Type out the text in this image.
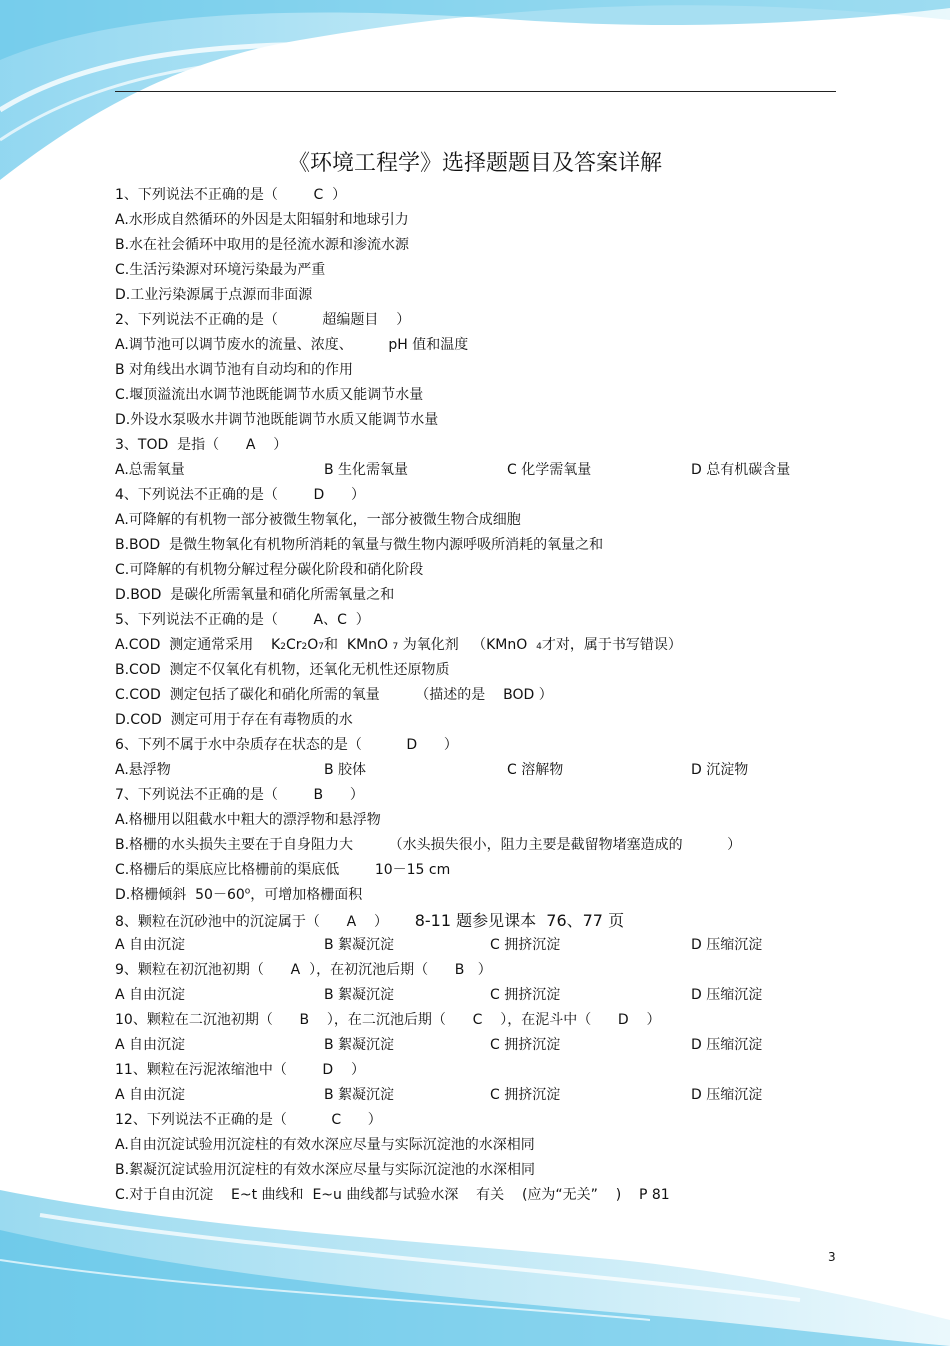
《环境工程学》选择题题目及答案详解
1、下列说法不正确的是（        C  ）
A.水形成自然循环的外因是太阳辐射和地球引力
B.水在社会循环中取用的是径流水源和渗流水源
C.生活污染源对环境污染最为严重
D.工业污染源属于点源而非面源
2、下列说法不正确的是（          超编题目    ）
A.调节池可以调节废水的流量、浓度、        pH 值和温度
B 对角线出水调节池有自动均和的作用
C.堰顶溢流出水调节池既能调节水质又能调节水量
D.外设水泵吸水井调节池既能调节水质又能调节水量
3、TOD  是指（      A    ）

A.总需氧量

	B 生化需氧量

	C 化学需氧量

	D 总有机碳含量

4、下列说法不正确的是（        D      ）
A.可降解的有机物一部分被微生物氧化，一部分被微生物合成细胞
B.BOD  是微生物氧化有机物所消耗的氧量与微生物内源呼吸所消耗的氧量之和
C.可降解的有机物分解过程分碳化阶段和硝化阶段
D.BOD  是碳化所需氧量和硝化所需氧量之和
5、下列说法不正确的是（        A、C  ）
A.COD  测定通常采用    K2Cr2O7和  KMnO 7 为氧化剂   （KMnO  4才对，属于书写错误）
B.COD  测定不仅氧化有机物，还氧化无机性还原物质
C.COD  测定包括了碳化和硝化所需的氧量        （描述的是    BOD ）
D.COD  测定可用于存在有毒物质的水
6、下列不属于水中杂质存在状态的是（          D      ）

A.悬浮物

	B 胶体

	C 溶解物

	D 沉淀物

7、下列说法不正确的是（        B      ）
A.格栅用以阻截水中粗大的漂浮物和悬浮物
B.格栅的水头损失主要在于自身阻力大        （水头损失很小，阻力主要是截留物堵塞造成的          ）
C.格栅后的渠底应比格栅前的渠底低        10－15 cm
D.格栅倾斜  $50-60^o$，可增加格栅面积
8、颗粒在沉砂池中的沉淀属于（      A    ）      8-11 题参见课本  76、77 页

A 自由沉淀

	B 絮凝沉淀

	C 拥挤沉淀

	D 压缩沉淀

9、颗粒在初沉池初期（      A  ），在初沉池后期（      B   ）

A 自由沉淀

	B 絮凝沉淀

	C 拥挤沉淀

	D 压缩沉淀

10、颗粒在二沉池初期（      B    ），在二沉池后期（      C    ），在泥斗中（      D    ）

A 自由沉淀

	B 絮凝沉淀

	C 拥挤沉淀

	D 压缩沉淀

11、颗粒在污泥浓缩池中（        D    ）

A 自由沉淀

	B 絮凝沉淀

	C 拥挤沉淀

	D 压缩沉淀

12、下列说法不正确的是（          C      ）
A.自由沉淀试验用沉淀柱的有效水深应尽量与实际沉淀池的水深相同
B.絮凝沉淀试验用沉淀柱的有效水深应尽量与实际沉淀池的水深相同
C.对于自由沉淀    E~t 曲线和  E~u 曲线都与试验水深    有关    (应为“无关”    )    P 81
3
